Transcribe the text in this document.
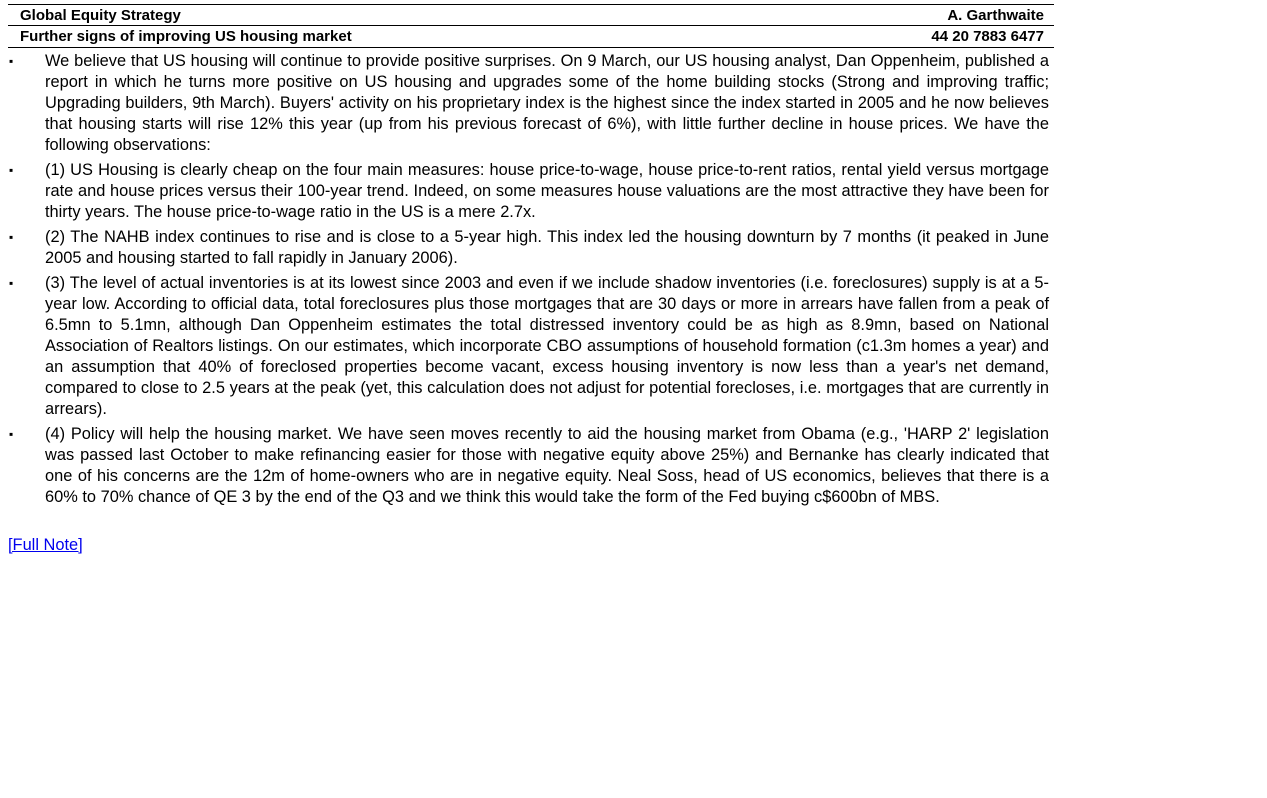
Global Equity Strategy	A. Garthwaite
Further signs of improving US housing market	44 20 7883 6477
▪	We believe that US housing will continue to provide positive surprises. On 9 March, our US housing analyst, Dan Oppenheim, published a report in which he turns more positive on US housing and upgrades some of the home building stocks (Strong and improving traffic; Upgrading builders, 9th March). Buyers' activity on his proprietary index is the highest since the index started in 2005 and he now believes that housing starts will rise 12% this year (up from his previous forecast of 6%), with little further decline in house prices. We have the following observations:
▪	(1) US Housing is clearly cheap on the four main measures: house price-to-wage, house price-to-rent ratios, rental yield versus mortgage rate and house prices versus their 100-year trend. Indeed, on some measures house valuations are the most attractive they have been for thirty years. The house price-to-wage ratio in the US is a mere 2.7x.
▪	(2) The NAHB index continues to rise and is close to a 5-year high. This index led the housing downturn by 7 months (it peaked in June 2005 and housing started to fall rapidly in January 2006).
▪	(3) The level of actual inventories is at its lowest since 2003 and even if we include shadow inventories (i.e. foreclosures) supply is at a 5-year low. According to official data, total foreclosures plus those mortgages that are 30 days or more in arrears have fallen from a peak of 6.5mn to 5.1mn, although Dan Oppenheim estimates the total distressed inventory could be as high as 8.9mn, based on National Association of Realtors listings. On our estimates, which incorporate CBO assumptions of household formation (c1.3m homes a year) and an assumption that 40% of foreclosed properties become vacant, excess housing inventory is now less than a year's net demand, compared to close to 2.5 years at the peak (yet, this calculation does not adjust for potential forecloses, i.e. mortgages that are currently in arrears).
▪	(4) Policy will help the housing market. We have seen moves recently to aid the housing market from Obama (e.g., 'HARP 2' legislation was passed last October to make refinancing easier for those with negative equity above 25%) and Bernanke has clearly indicated that one of his concerns are the 12m of home-owners who are in negative equity. Neal Soss, head of US economics, believes that there is a 60% to 70% chance of QE 3 by the end of the Q3 and we think this would take the form of the Fed buying c$600bn of MBS.
[Full Note]
